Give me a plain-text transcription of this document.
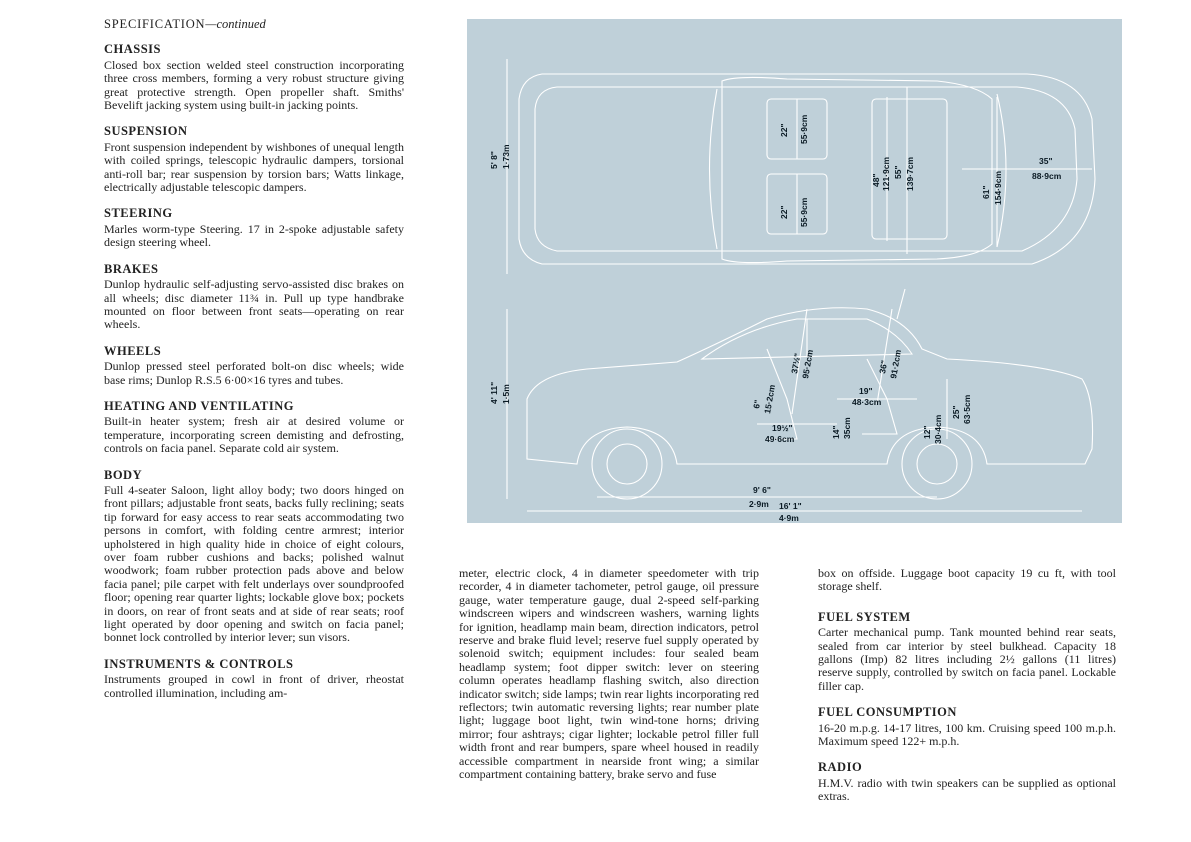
SPECIFICATION—continued
CHASSIS

Closed box section welded steel construction incorporating three cross members, forming a very robust structure giving great protective strength. Open propeller shaft. Smiths' Bevelift jacking system using built-in jacking points.

SUSPENSION

Front suspension independent by wishbones of unequal length with coiled springs, telescopic hydraulic dampers, torsional anti-roll bar; rear suspension by torsion bars; Watts linkage, electrically adjustable telescopic dampers.

STEERING

Marles worm-type Steering. 17 in 2-spoke adjustable safety design steering wheel.

BRAKES

Dunlop hydraulic self-adjusting servo-assisted disc brakes on all wheels; disc diameter 11¾ in. Pull up type handbrake mounted on floor between front seats—operating on rear wheels.

WHEELS

Dunlop pressed steel perforated bolt-on disc wheels; wide base rims; Dunlop R.S.5 6·00×16 tyres and tubes.

HEATING AND VENTILATING

Built-in heater system; fresh air at desired volume or temperature, incorporating screen demisting and defrosting, controls on facia panel. Separate cold air system.

BODY

Full 4-seater Saloon, light alloy body; two doors hinged on front pillars; adjustable front seats, backs fully reclining; seats tip forward for easy access to rear seats accommodating two persons in comfort, with folding centre armrest; interior upholstered in high quality hide in choice of eight colours, over foam rubber cushions and backs; polished walnut woodwork; foam rubber protection pads above and below facia panel; pile carpet with felt underlays over soundproofed floor; opening rear quarter lights; lockable glove box; pockets in doors, on rear of front seats and at side of rear seats; roof light operated by door opening and switch on facia panel; bonnet lock controlled by interior lever; sun visors.

INSTRUMENTS & CONTROLS

Instruments grouped in cowl in front of driver, rheostat controlled illumination, including am-

5' 8" 1·73m
22" 55·9cm
22" 55·9cm
48" 121·9cm 55" 139·7cm
61" 154·9cm
35"
88·9cm
4' 11" 1·5m
37½"
95·2cm
6" 15·2cm
19½"
49·6cm	14" 35cm
36"
91·2cm
19"
48·3cm
12" 30·4cm
25" 63·5cm
9' 6"
2·9m 16' 1"
4·9m

meter, electric clock, 4 in diameter speedometer with trip recorder, 4 in diameter tachometer, petrol gauge, oil pressure gauge, water temperature gauge, dual 2-speed self-parking windscreen wipers and windscreen washers, warning lights for ignition, headlamp main beam, direction indicators, petrol reserve and brake fluid level; reserve fuel supply operated by solenoid switch; equipment includes: four sealed beam headlamp system; foot dipper switch: lever on steering column operates headlamp flashing switch, also direction indicator switch; side lamps; twin rear lights incorporating red reflectors; twin automatic reversing lights; rear number plate light; luggage boot light, twin wind-tone horns; driving mirror; four ashtrays; cigar lighter; lockable petrol filler full width front and rear bumpers, spare wheel housed in readily accessible compartment in nearside front wing; a similar compartment containing battery, brake servo and fuse

box on offside. Luggage boot capacity 19 cu ft, with tool storage shelf.

FUEL SYSTEM

Carter mechanical pump. Tank mounted behind rear seats, sealed from car interior by steel bulkhead. Capacity 18 gallons (Imp) 82 litres including 2½ gallons (11 litres) reserve supply, controlled by switch on facia panel. Lockable filler cap.

FUEL CONSUMPTION

16-20 m.p.g. 14-17 litres, 100 km. Cruising speed 100 m.p.h. Maximum speed 122+ m.p.h.

RADIO

H.M.V. radio with twin speakers can be supplied as optional extras.
